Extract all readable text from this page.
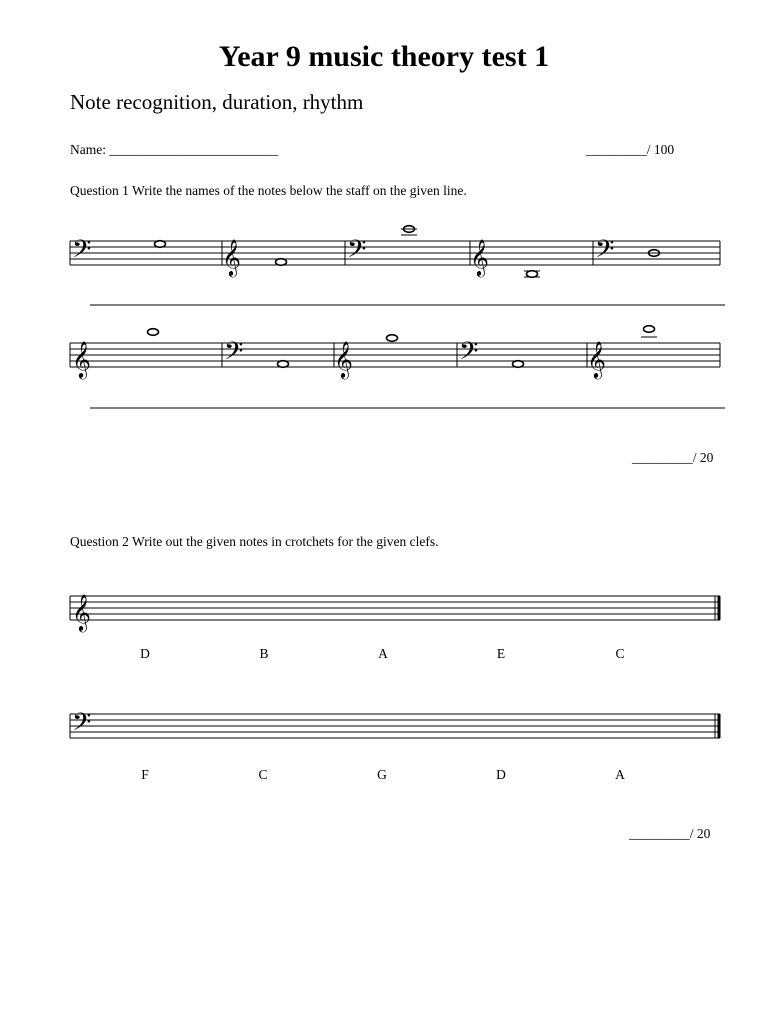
Year 9 music theory test 1
Note recognition, duration, rhythm
Name: _________________________	_________/ 100
Question 1 Write the names of the notes below the staff on the given line.
𝄢	𝄞	𝄢	𝄞	𝄢
𝄞	𝄢	𝄞	𝄢	𝄞
𝄞
𝄢
_________/ 20
Question 2 Write out the given notes in crotchets for the given clefs.
D	B	A	E	C
F	C	G	D	A
_________/ 20
